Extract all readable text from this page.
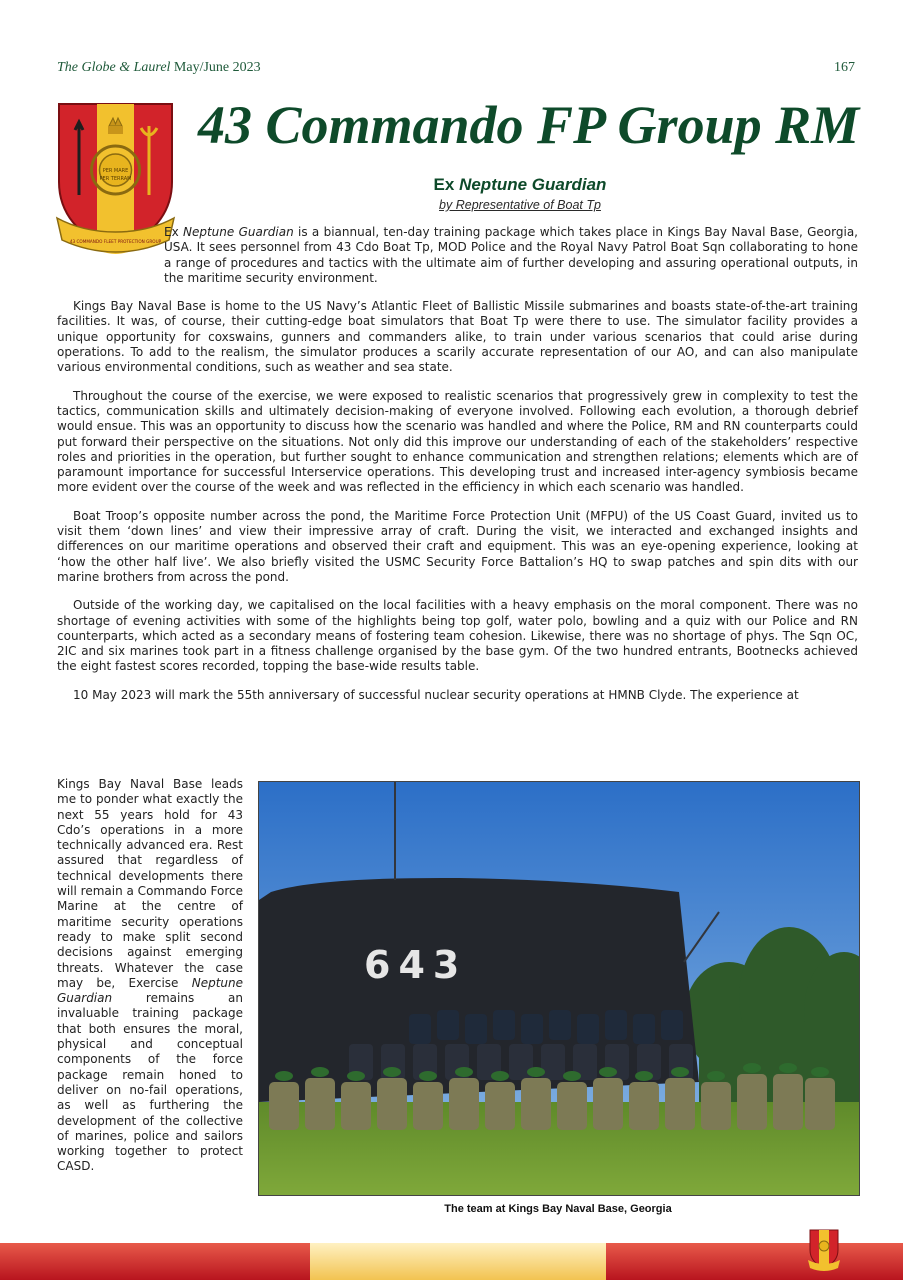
The Globe & Laurel May/June 2023	167
PER MARE
PER TERRAM
43 COMMANDO FLEET PROTECTION GROUP
43 Commando FP Group RM
Ex Neptune Guardian
by Representative of Boat Tp

Ex Neptune Guardian is a biannual, ten-day training package which takes place in Kings Bay Naval Base, Georgia, USA. It sees personnel from 43 Cdo Boat Tp, MOD Police and the Royal Navy Patrol Boat Sqn collaborating to hone a range of procedures and tactics with the ultimate aim of further developing and assuring operational outputs, in the maritime security environment.

Kings Bay Naval Base is home to the US Navy’s Atlantic Fleet of Ballistic Missile submarines and boasts state-of-the-art training facilities. It was, of course, their cutting-edge boat simulators that Boat Tp were there to use. The simulator facility provides a unique opportunity for coxswains, gunners and commanders alike, to train under various scenarios that could arise during operations. To add to the realism, the simulator produces a scarily accurate representation of our AO, and can also manipulate various environmental conditions, such as weather and sea state.

Throughout the course of the exercise, we were exposed to realistic scenarios that progressively grew in complexity to test the tactics, communication skills and ultimately decision-making of everyone involved. Following each evolution, a thorough debrief would ensue. This was an opportunity to discuss how the scenario was handled and where the Police, RM and RN counterparts could put forward their perspective on the situations. Not only did this improve our understanding of each of the stakeholders’ respective roles and priorities in the operation, but further sought to enhance communication and strengthen relations; elements which are of paramount importance for successful Interservice operations. This developing trust and increased inter-agency symbiosis became more evident over the course of the week and was reflected in the efficiency in which each scenario was handled.

Boat Troop’s opposite number across the pond, the Maritime Force Protection Unit (MFPU) of the US Coast Guard, invited us to visit them ‘down lines’ and view their impressive array of craft. During the visit, we interacted and exchanged insights and differences on our maritime operations and observed their craft and equipment. This was an eye-opening experience, looking at ‘how the other half live’. We also briefly visited the USMC Security Force Battalion’s HQ to swap patches and spin dits with our marine brothers from across the pond.

Outside of the working day, we capitalised on the local facilities with a heavy emphasis on the moral component. There was no shortage of evening activities with some of the highlights being top golf, water polo, bowling and a quiz with our Police and RN counterparts, which acted as a secondary means of fostering team cohesion. Likewise, there was no shortage of phys. The Sqn OC, 2IC and six marines took part in a fitness challenge organised by the base gym. Of the two hundred entrants, Bootnecks achieved the eight fastest scores recorded, topping the base-wide results table.

10 May 2023 will mark the 55th anniversary of successful nuclear security operations at HMNB Clyde. The experience at

Kings Bay Naval Base leads me to ponder what exactly the next 55 years hold for 43 Cdo’s operations in a more technically advanced era. Rest assured that regardless of technical developments there will remain a Commando Force Marine at the centre of maritime security operations ready to make split second decisions against emerging threats. Whatever the case may be, Exercise Neptune Guardian remains an invaluable training package that both ensures the moral, physical and conceptual components of the force package remain honed to deliver on no-fail operations, as well as furthering the development of the collective of marines, police and sailors working together to protect CASD.
643
The team at Kings Bay Naval Base, Georgia
